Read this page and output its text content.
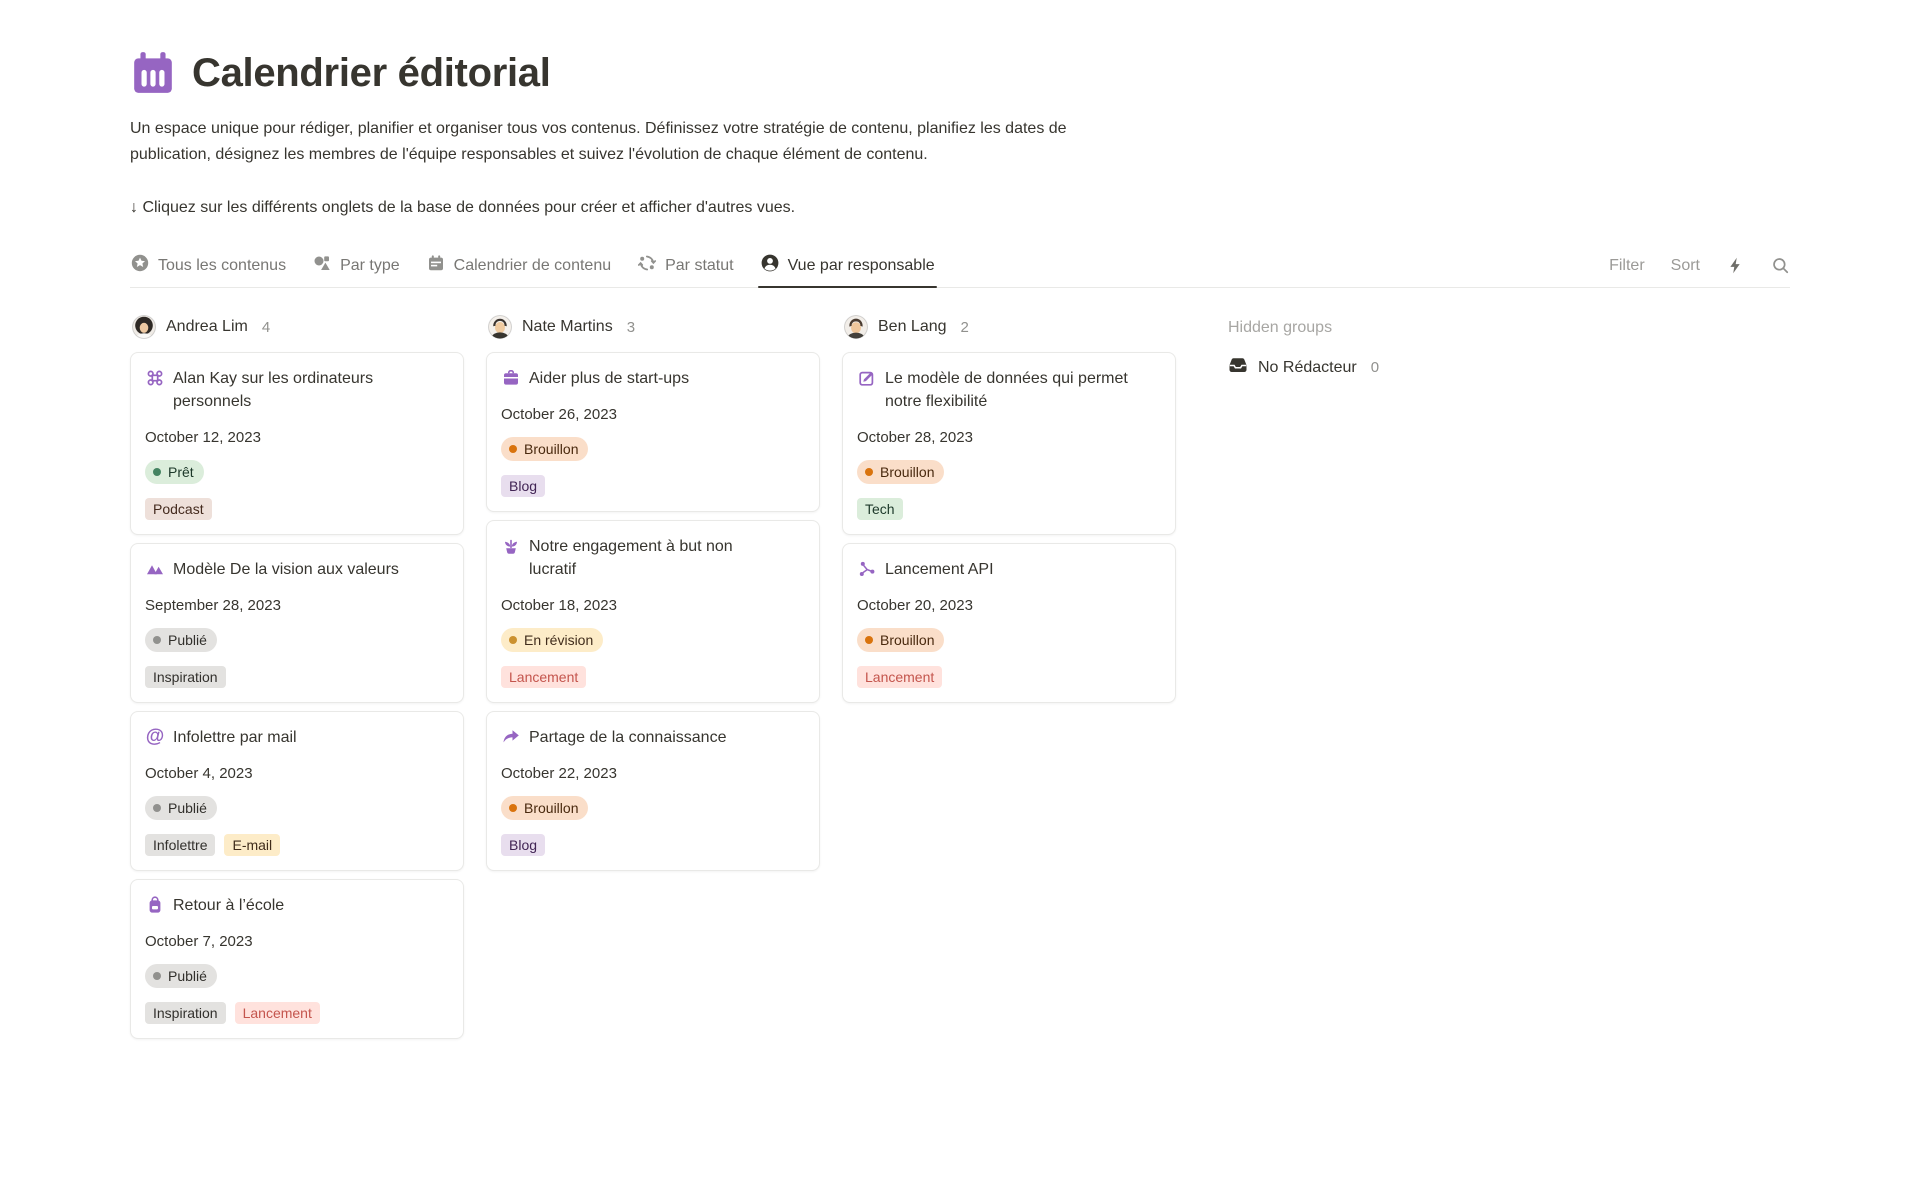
Calendrier éditorial
Un espace unique pour rédiger, planifier et organiser tous vos contenus. Définissez votre stratégie de contenu, planifiez les dates de publication, désignez les membres de l'équipe responsables et suivez l'évolution de chaque élément de contenu.
↓ Cliquez sur les différents onglets de la base de données pour créer et afficher d'autres vues.
Tous les contenus	Par type	Calendrier de contenu	Par statut	Vue par responsable	Filter Sort
Andrea Lim 4
Alan Kay sur les ordinateurs personnels
October 12, 2023
Prêt
Podcast
Modèle De la vision aux valeurs
September 28, 2023
Publié
Inspiration
@ Infolettre par mail
October 4, 2023
Publié
Infolettre	E-mail
Retour à l’école
October 7, 2023
Publié
Inspiration	Lancement
Nate Martins 3
Aider plus de start-ups
October 26, 2023
Brouillon
Blog
Notre engagement à but non lucratif
October 18, 2023
En révision
Lancement
Partage de la connaissance
October 22, 2023
Brouillon
Blog
Ben Lang 2
Le modèle de données qui permet notre flexibilité
October 28, 2023
Brouillon
Tech
Lancement API
October 20, 2023
Brouillon
Lancement
Hidden groups
No Rédacteur 0
